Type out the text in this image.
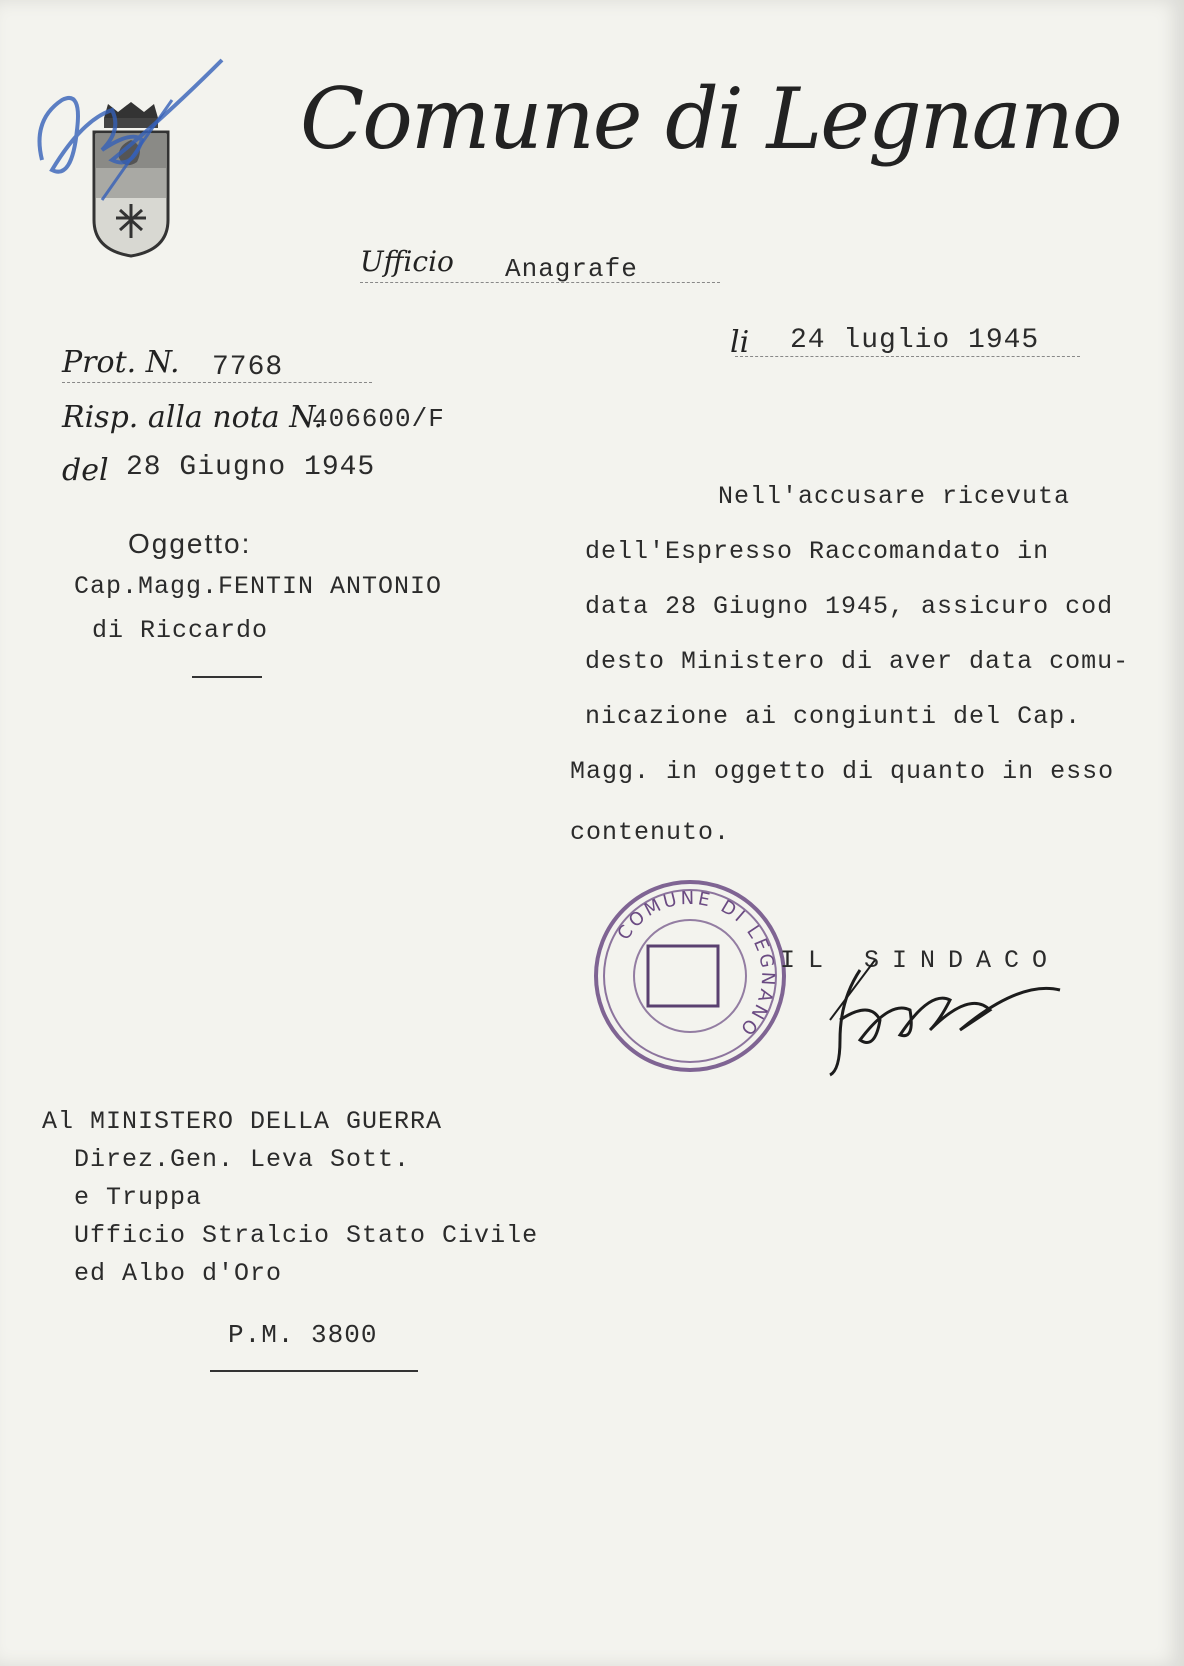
Comune di Legnano
Ufficio Anagrafe
li 24 luglio 1945
Prot. N. 7768
Risp. alla nota N.
406600/F
del 28 Giugno 1945
Oggetto:
Cap.Magg.FENTIN ANTONIO
di Riccardo
Nell'accusare ricevuta
dell'Espresso Raccomandato in
data 28 Giugno 1945, assicuro cod
desto Ministero di aver data comu-
nicazione ai congiunti del Cap.
Magg. in oggetto di quanto in esso
contenuto.
COMUNE DI LEGNANO
IL SINDACO
Al MINISTERO DELLA GUERRA
Direz.Gen. Leva Sott.
e Truppa
Ufficio Stralcio Stato Civile
ed Albo d'Oro
P.M. 3800
